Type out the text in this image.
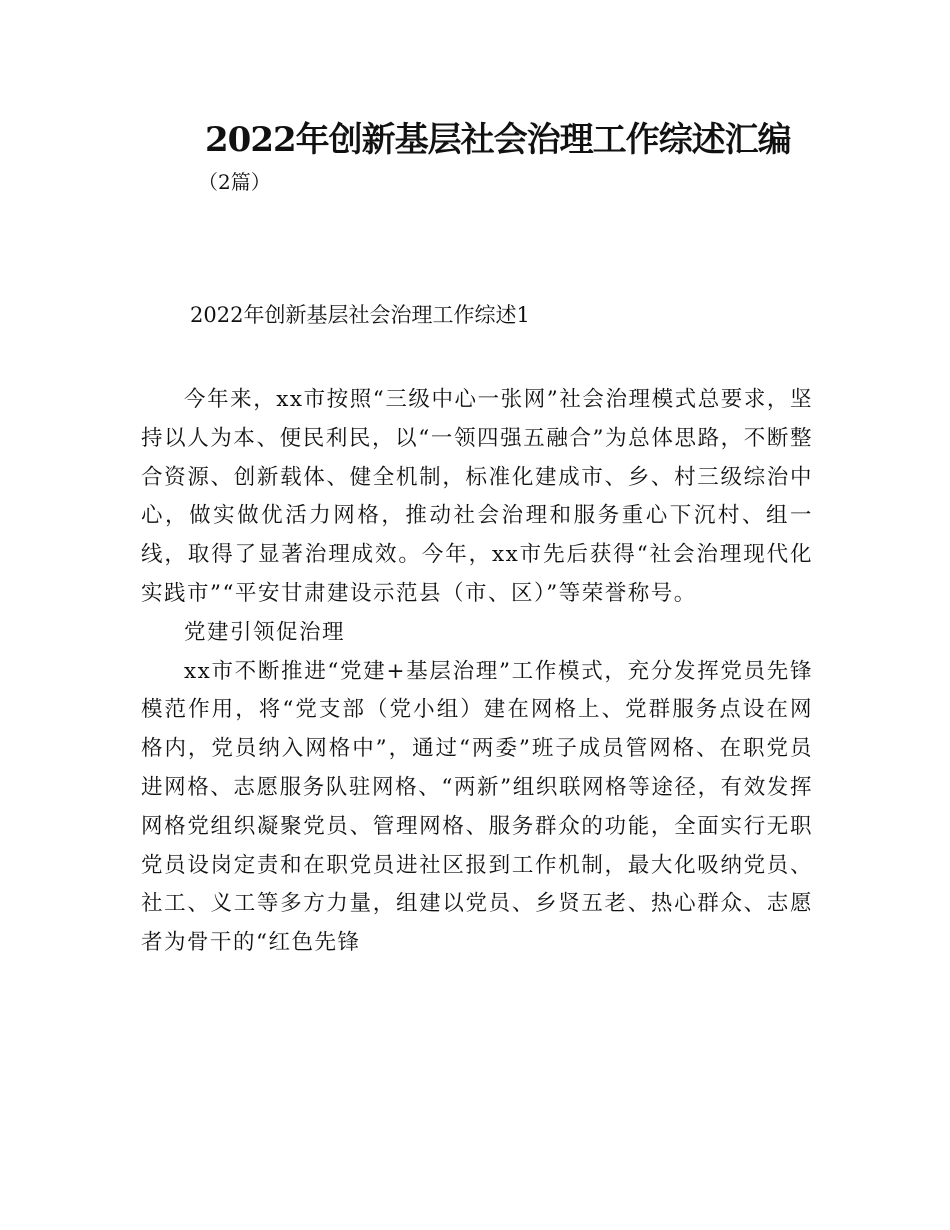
2022年创新基层社会治理工作综述汇编
（2篇）
2022年创新基层社会治理工作综述1

今年来，xx市按照“三级中心一张网”社会治理模式总要求，坚持以人为本、便民利民，以“一领四强五融合”为总体思路，不断整合资源、创新载体、健全机制，标准化建成市、乡、村三级综治中心，做实做优活力网格，推动社会治理和服务重心下沉村、组一线，取得了显著治理成效。今年，xx市先后获得“社会治理现代化实践市”“平安甘肃建设示范县（市、区）”等荣誉称号。

党建引领促治理

xx市不断推进“党建+基层治理”工作模式，充分发挥党员先锋模范作用，将“党支部（党小组）建在网格上、党群服务点设在网格内，党员纳入网格中”，通过“两委”班子成员管网格、在职党员进网格、志愿服务队驻网格、“两新”组织联网格等途径，有效发挥网格党组织凝聚党员、管理网格、服务群众的功能，全面实行无职党员设岗定责和在职党员进社区报到工作机制，最大化吸纳党员、社工、义工等多方力量，组建以党员、乡贤五老、热心群众、志愿者为骨干的“红色先锋
